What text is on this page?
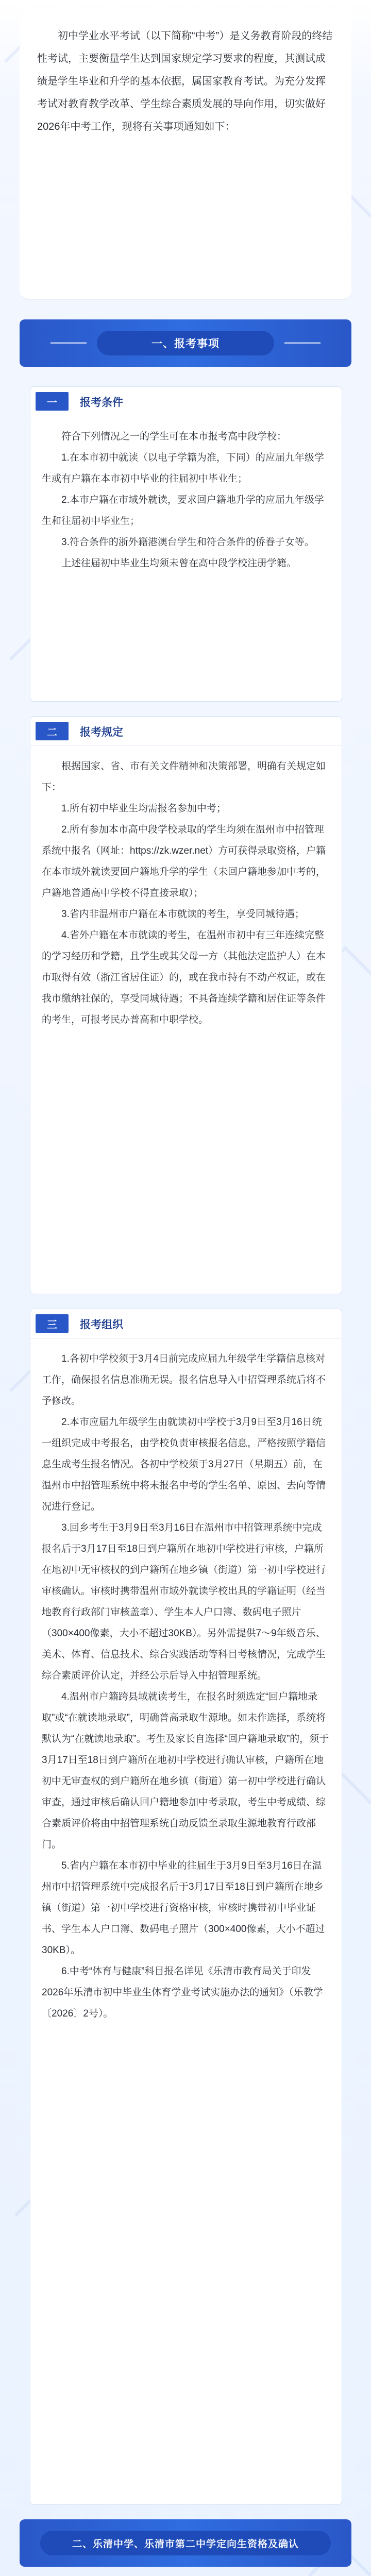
初中学业水平考试（以下简称“中考”）是义务教育阶段的终结性考试，主要衡量学生达到国家规定学习要求的程度，其测试成绩是学生毕业和升学的基本依据，属国家教育考试。为充分发挥考试对教育教学改革、学生综合素质发展的导向作用，切实做好2026年中考工作，现将有关事项通知如下：

一、报考事项
一	报考条件

符合下列情况之一的学生可在本市报考高中段学校：

1.在本市初中就读（以电子学籍为准，下同）的应届九年级学生或有户籍在本市初中毕业的往届初中毕业生；

2.本市户籍在市域外就读，要求回户籍地升学的应届九年级学生和往届初中毕业生；

3.符合条件的浙外籍港澳台学生和符合条件的侨眷子女等。

上述往届初中毕业生均须未曾在高中段学校注册学籍。

二	报考规定

根据国家、省、市有关文件精神和决策部署，明确有关规定如下：

1.所有初中毕业生均需报名参加中考；

2.所有参加本市高中段学校录取的学生均须在温州市中招管理系统中报名（网址：https://zk.wzer.net）方可获得录取资格，户籍在本市域外就读要回户籍地升学的学生（未回户籍地参加中考的，户籍地普通高中学校不得直接录取）；

3.省内非温州市户籍在本市就读的考生，享受同城待遇；

4.省外户籍在本市就读的考生，在温州市初中有三年连续完整的学习经历和学籍，且学生或其父母一方（其他法定监护人）在本市取得有效（浙江省居住证）的，或在我市持有不动产权证，或在我市缴纳社保的，享受同城待遇；不具备连续学籍和居住证等条件的考生，可报考民办普高和中职学校。

三	报考组织

1.各初中学校须于3月4日前完成应届九年级学生学籍信息核对工作，确保报名信息准确无误。报名信息导入中招管理系统后将不予修改。

2.本市应届九年级学生由就读初中学校于3月9日至3月16日统一组织完成中考报名，由学校负责审核报名信息，严格按照学籍信息生成考生报名情况。各初中学校须于3月27日（星期五）前，在温州市中招管理系统中将未报名中考的学生名单、原因、去向等情况进行登记。

3.回乡考生于3月9日至3月16日在温州市中招管理系统中完成报名后于3月17日至18日到户籍所在地初中学校进行审核，户籍所在地初中无审核权的到户籍所在地乡镇（街道）第一初中学校进行审核确认。审核时携带温州市域外就读学校出具的学籍证明（经当地教育行政部门审核盖章）、学生本人户口簿、数码电子照片（300×400像素，大小不超过30KB）。另外需提供7～9年级音乐、美术、体育、信息技术、综合实践活动等科目考核情况，完成学生综合素质评价认定，并经公示后导入中招管理系统。

4.温州市户籍跨县域就读考生，在报名时须选定“回户籍地录取”或“在就读地录取”，明确普高录取生源地。如未作选择，系统将默认为“在就读地录取”。考生及家长自选择“回户籍地录取”的，须于3月17日至18日到户籍所在地初中学校进行确认审核，户籍所在地初中无审查权的到户籍所在地乡镇（街道）第一初中学校进行确认审查，通过审核后确认回户籍地参加中考录取，考生中考成绩、综合素质评价将由中招管理系统自动反馈至录取生源地教育行政部门。

5.省内户籍在本市初中毕业的往届生于3月9日至3月16日在温州市中招管理系统中完成报名后于3月17日至18日到户籍所在地乡镇（街道）第一初中学校进行资格审核，审核时携带初中毕业证书、学生本人户口簿、数码电子照片（300×400像素，大小不超过30KB）。

6.中考“体育与健康”科目报名详见《乐清市教育局关于印发2026年乐清市初中毕业生体育学业考试实施办法的通知》（乐教学〔2026〕2号）。

二、乐清中学、乐清市第二中学定向生资格及确认
